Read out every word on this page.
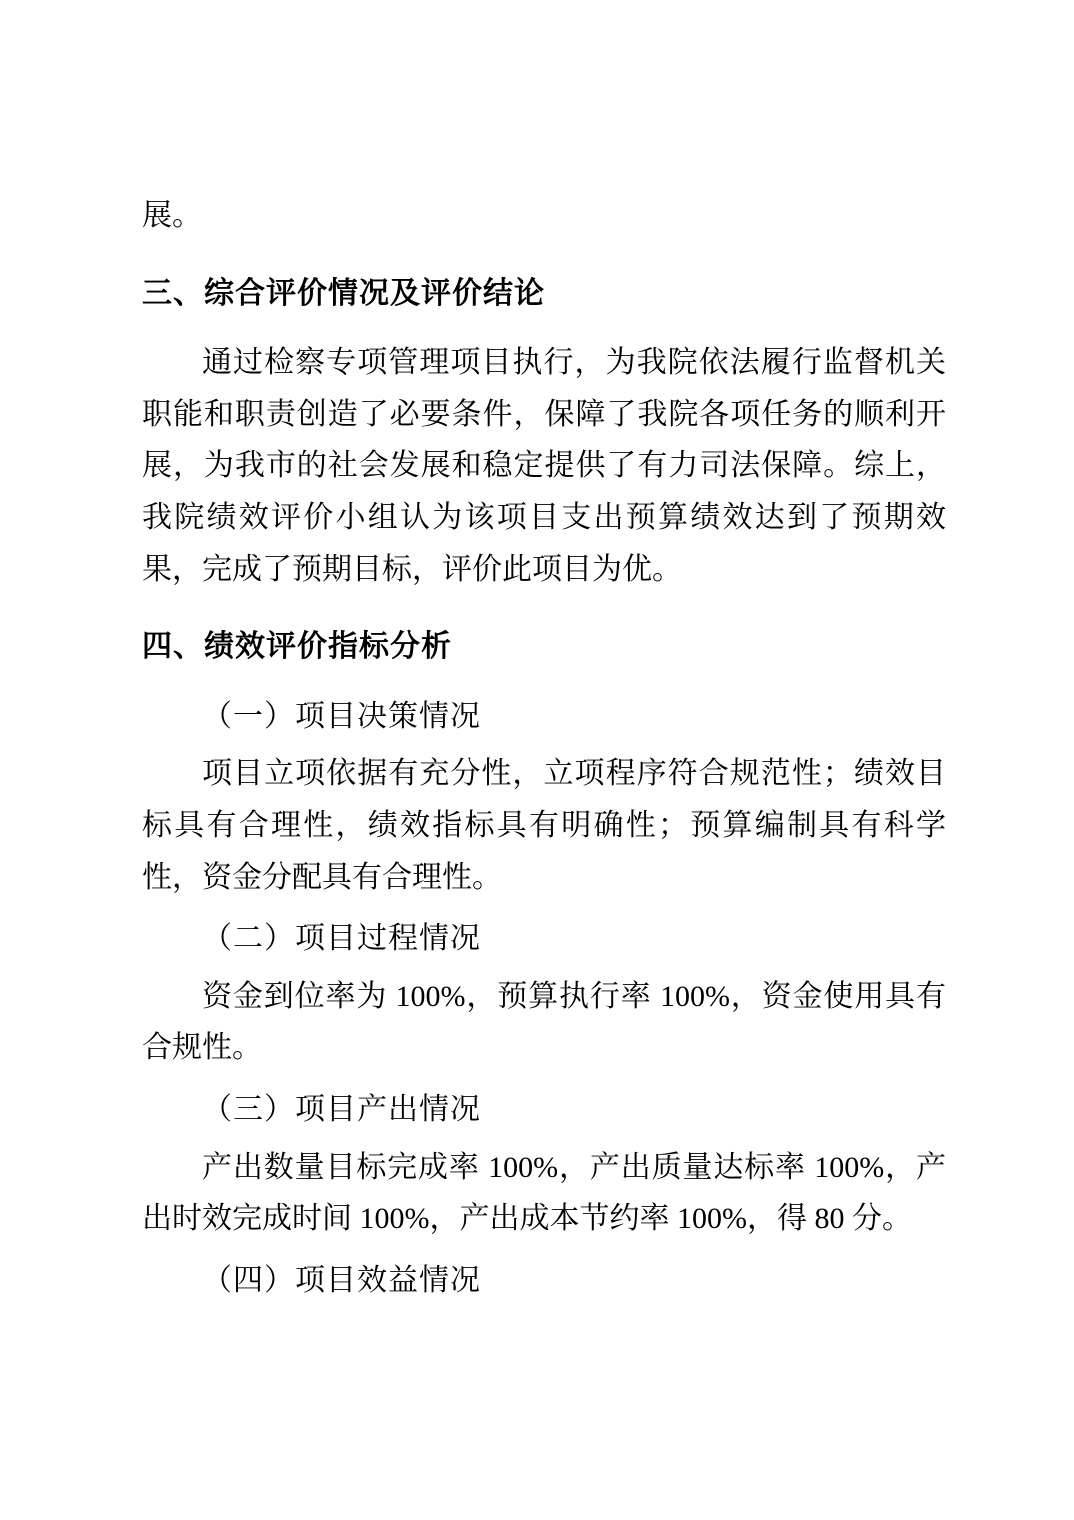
展。

三、综合评价情况及评价结论

通过检察专项管理项目执行，为我院依法履行监督机关职能和职责创造了必要条件，保障了我院各项任务的顺利开展，为我市的社会发展和稳定提供了有力司法保障。综上，我院绩效评价小组认为该项目支出预算绩效达到了预期效果，完成了预期目标，评价此项目为优。

四、绩效评价指标分析

（一）项目决策情况

项目立项依据有充分性，立项程序符合规范性；绩效目标具有合理性，绩效指标具有明确性；预算编制具有科学性，资金分配具有合理性。

（二）项目过程情况

资金到位率为 100%，预算执行率 100%，资金使用具有合规性。

（三）项目产出情况

产出数量目标完成率 100%，产出质量达标率 100%，产出时效完成时间 100%，产出成本节约率 100%，得 80 分。

（四）项目效益情况
